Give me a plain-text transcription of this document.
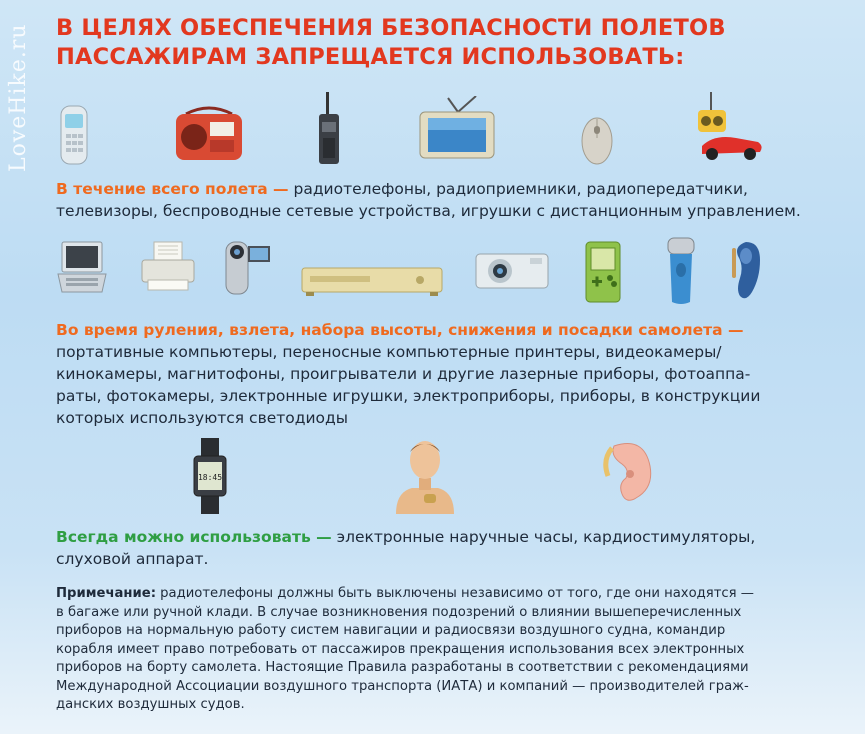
LoveHike.ru В ЦЕЛЯХ ОБЕСПЕЧЕНИЯ БЕЗОПАСНОСТИ ПОЛЕТОВ
ПАССАЖИРАМ ЗАПРЕЩАЕТСЯ ИСПОЛЬЗОВАТЬ:
В течение всего полета — радиотелефоны, радиоприемники, радиопередатчики,
телевизоры, беспроводные сетевые устройства, игрушки с дистанционным управлением.
Во время руления, взлета, набора высоты, снижения и посадки самолета —
портативные компьютеры, переносные компьютерные принтеры, видеокамеры/
кинокамеры, магнитофоны, проигрыватели и другие лазерные приборы, фотоаппа-
раты, фотокамеры, электронные игрушки, электроприборы, приборы, в конструкции
которых используются светодиоды
18:45
Всегда можно использовать — электронные наручные часы, кардиостимуляторы,
слуховой аппарат.
Примечание: радиотелефоны должны быть выключены независимо от того, где они находятся —
в багаже или ручной клади. В случае возникновения подозрений о влиянии вышеперечисленных
приборов на нормальную работу систем навигации и радиосвязи воздушного судна, командир
корабля имеет право потребовать от пассажиров прекращения использования всех электронных
приборов на борту самолета. Настоящие Правила разработаны в соответствии с рекомендациями
Международной Ассоциации воздушного транспорта (ИАТА) и компаний — производителей граж-
данских воздушных судов.
